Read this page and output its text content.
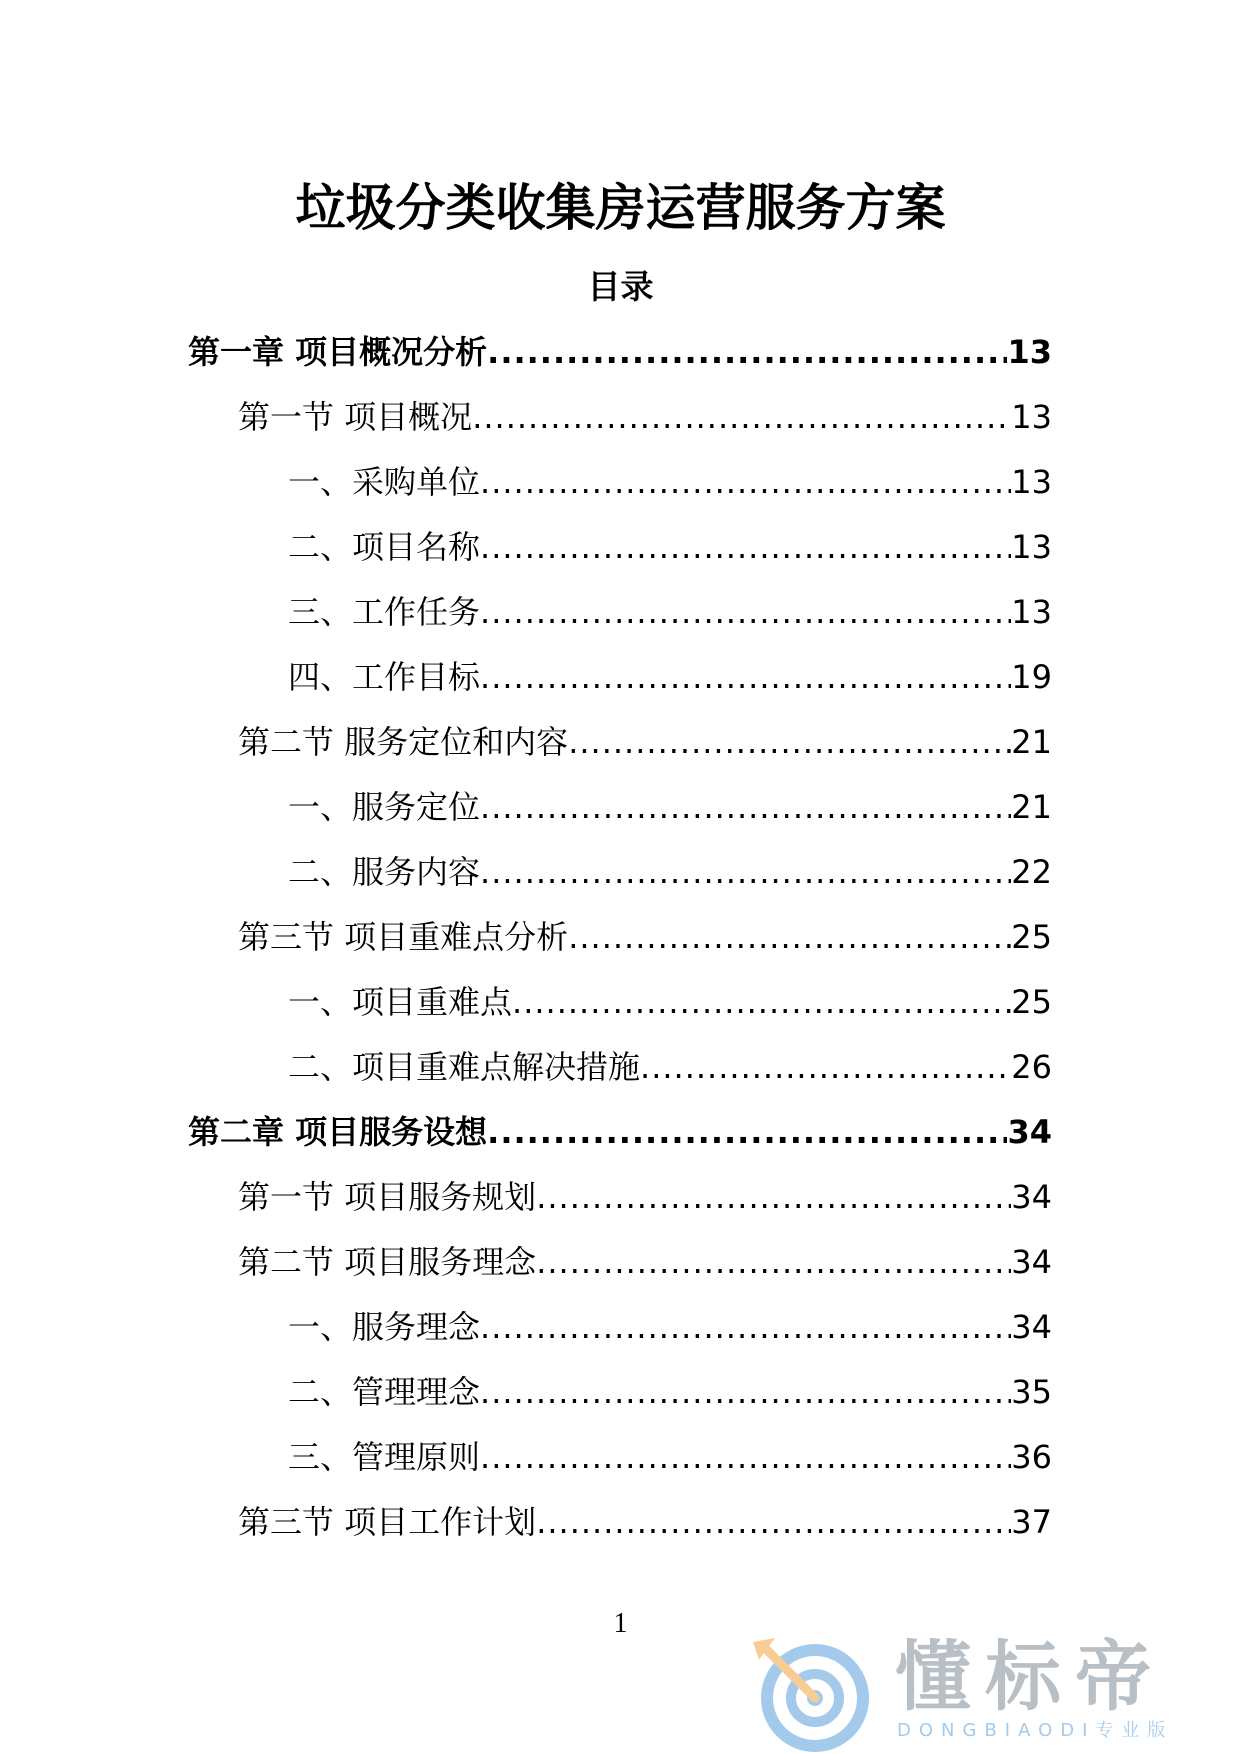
垃圾分类收集房运营服务方案
目录
第一章 项目概况分析 .....	13
第一节 项目概况 .....	13
一、采购单位 .....	13
二、项目名称 .....	13
三、工作任务 .....	13
四、工作目标 .....	19
第二节 服务定位和内容 .....	21
一、服务定位 .....	21
二、服务内容 .....	22
第三节 项目重难点分析 .....	25
一、项目重难点 .....	25
二、项目重难点解决措施 .....	26
第二章 项目服务设想 .....	34
第一节 项目服务规划 .....	34
第二节 项目服务理念 .....	34
一、服务理念 .....	34
二、管理理念 .....	35
三、管理原则 .....	36
第三节 项目工作计划 .....	37
1
懂标帝
DONGBIAODI专业版
